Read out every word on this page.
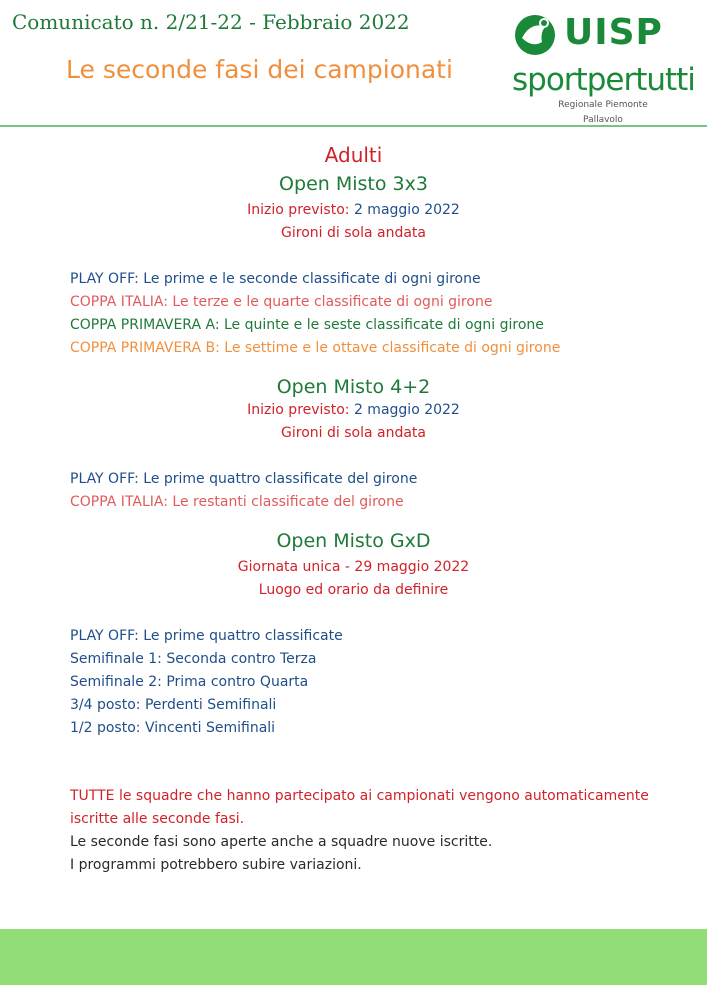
Comunicato n. 2/21-22 - Febbraio 2022
Le seconde fasi dei campionati
UISP
sportpertutti
Regionale Piemonte
Pallavolo
Adulti
Open Misto 3x3
Inizio previsto: 2 maggio 2022
Gironi di sola andata
PLAY OFF: Le prime e le seconde classificate di ogni girone
COPPA ITALIA: Le terze e le quarte classificate di ogni girone
COPPA PRIMAVERA A: Le quinte e le seste classificate di ogni girone
COPPA PRIMAVERA B: Le settime e le ottave classificate di ogni girone
Open Misto 4+2
Inizio previsto: 2 maggio 2022
Gironi di sola andata
PLAY OFF: Le prime quattro classificate del girone
COPPA ITALIA: Le restanti classificate del girone
Open Misto GxD
Giornata unica - 29 maggio 2022
Luogo ed orario da definire
PLAY OFF: Le prime quattro classificate
Semifinale 1: Seconda contro Terza
Semifinale 2: Prima contro Quarta
3/4 posto: Perdenti Semifinali
1/2 posto: Vincenti Semifinali
TUTTE le squadre che hanno partecipato ai campionati vengono automaticamente
iscritte alle seconde fasi.
Le seconde fasi sono aperte anche a squadre nuove iscritte.
I programmi potrebbero subire variazioni.
